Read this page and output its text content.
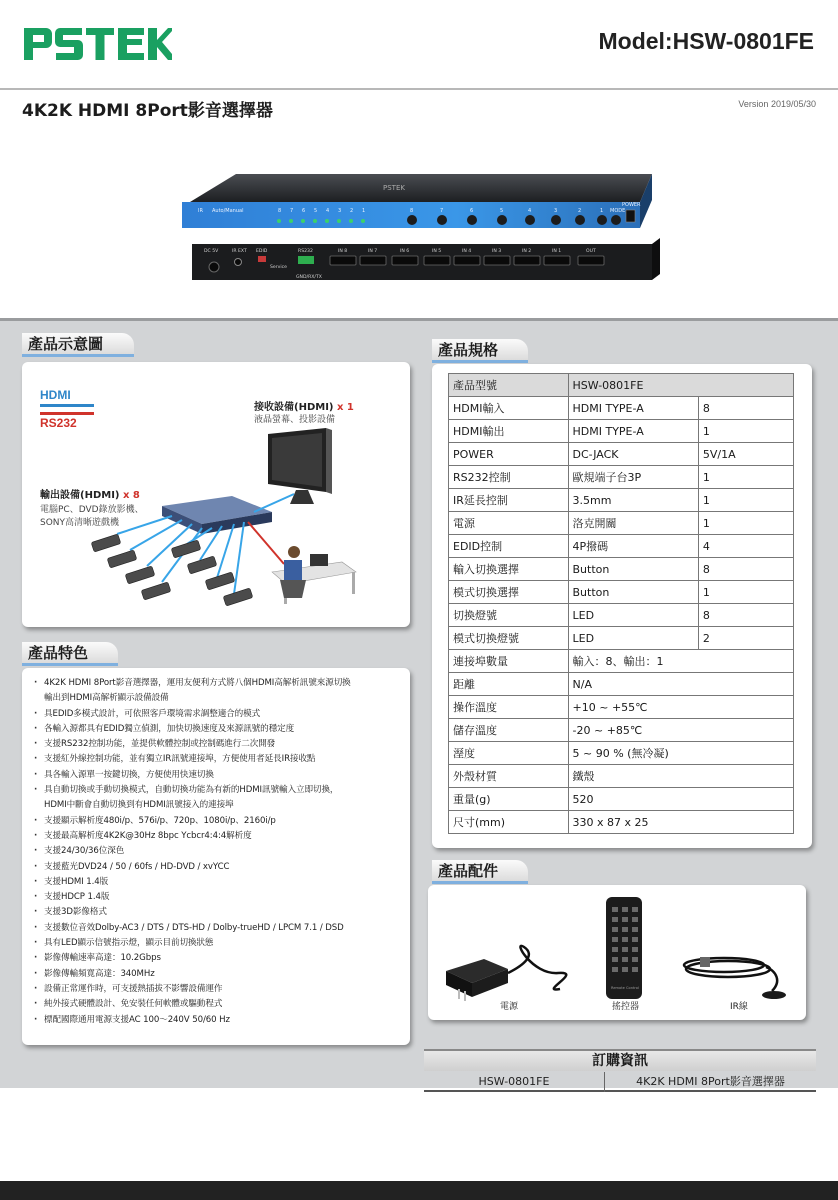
Model:HSW-0801FE
4K2K HDMI 8Port影音選擇器	Version 2019/05/30
PSTEK
IR Auto/Manual	8 7 6 5 4 3 2 1	8	7	6	5	4	3	2	1 MODE
POWER
DC 5V	IR EXT EDID
Service
RS232
GND/RX/TX
IN 8	IN 7	IN 6	IN 5	IN 4	IN 3	IN 2	IN 1	OUT
產品示意圖
HDMI
RS232
接收設備(HDMI) x 1
液晶螢幕、投影設備
輸出設備(HDMI) x 8
電腦PC、DVD錄放影機、
SONY高清晰遊戲機
產品特色
· 4K2K HDMI 8Port影音選擇器，運用友便利方式將八個HDMI高解析訊號來源切換
輸出到HDMI高解析顯示設備設備
· 具EDID多模式設計，可依照客戶環境需求調整適合的模式
· 各輸入源都具有EDID獨立偵測，加快切換速度及來源訊號的穩定度
· 支援RS232控制功能，並提供軟體控制或控制碼進行二次開發
· 支援紅外線控制功能，並有獨立IR訊號連接埠，方便使用者延長IR接收點
· 具各輸入源單一按鍵切換，方便使用快速切換
· 具自動切換或手動切換模式，自動切換功能為有新的HDMI訊號輸入立即切換，
HDMI中斷會自動切換到有HDMI訊號接入的連接埠
· 支援顯示解析度480i/p、576i/p、720p、1080i/p、2160i/p
· 支援最高解析度4K2K@30Hz 8bpc Ycbcr4:4:4解析度
· 支援24/30/36位深色
· 支援藍光DVD24 / 50 / 60fs / HD-DVD / xvYCC
· 支援HDMI 1.4版
· 支援HDCP 1.4版
· 支援3D影像格式
· 支援數位音效Dolby-AC3 / DTS / DTS-HD / Dolby-trueHD / LPCM 7.1 / DSD
· 具有LED顯示信號指示燈，顯示目前切換狀態
· 影像傳輸速率高達：10.2Gbps
· 影像傳輸頻寬高達：340MHz
· 設備正常運作時，可支援熱插拔不影響設備運作
· 純外接式硬體設計、免安裝任何軟體或驅動程式
· 標配國際通用電源支援AC 100～240V 50/60 Hz
產品規格
產品型號	HSW-0801FE	
HDMI輸入	HDMI TYPE-A	8
HDMI輸出	HDMI TYPE-A	1
POWER	DC-JACK	5V/1A
RS232控制	歐規端子台3P	1
IR延長控制	3.5mm	1
電源	洛克開關	1
EDID控制	4P撥碼	4
輸入切換選擇	Button	8
模式切換選擇	Button	1
切換燈號	LED	8
模式切換燈號	LED	2
連接埠數量	輸入：8、輸出：1	
距離	N/A	
操作溫度	+10 ~ +55℃	
儲存溫度	-20 ~ +85℃	
溼度	5 ~ 90 % (無冷凝)	
外殼材質	鐵殼	
重量(g)	520	
尺寸(mm)	330 x 87 x 25	
產品配件
Remote Control
電源	搖控器	IR線
訂購資訊
HSW-0801FE	4K2K HDMI 8Port影音選擇器
